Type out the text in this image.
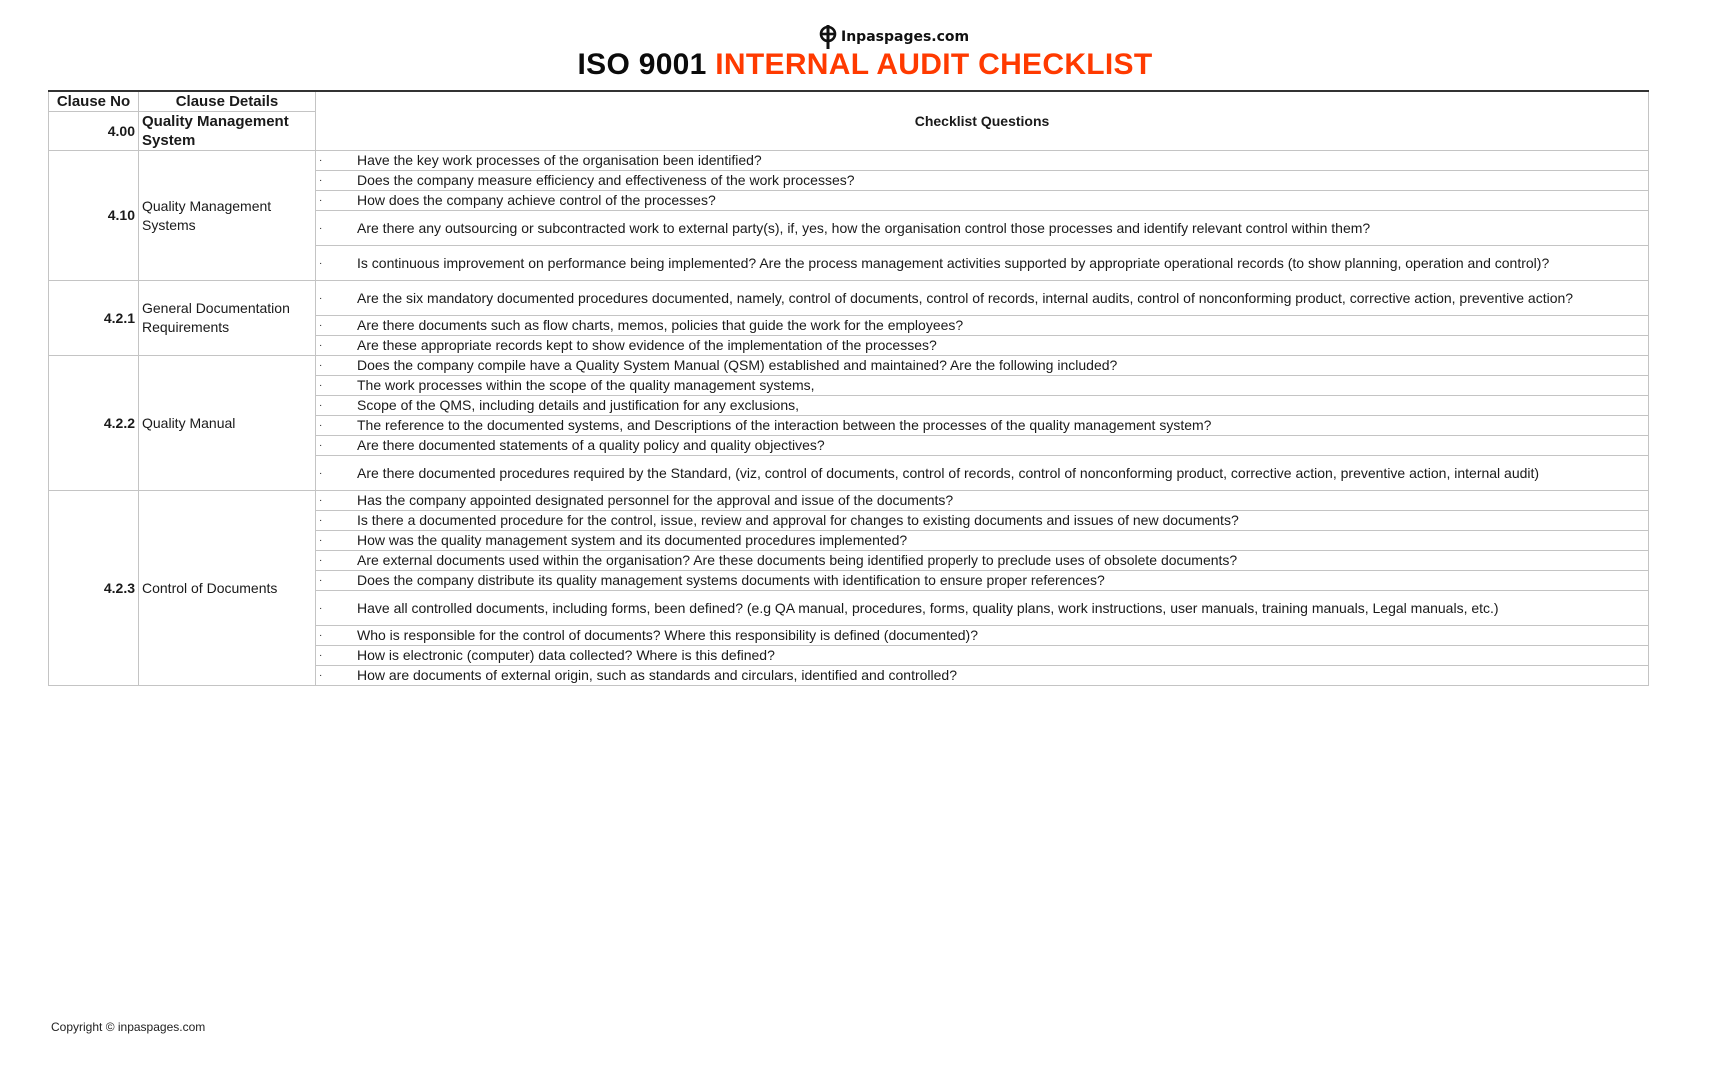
Inpaspages.com
ISO 9001 INTERNAL AUDIT CHECKLIST
Clause No	Clause Details	Checklist Questions
4.00	Quality Management System	
4.10	Quality Management Systems	· Have the key work processes of the organisation been identified?
		· Does the company measure efficiency and effectiveness of the work processes?
		· How does the company achieve control of the processes?
		· Are there any outsourcing or subcontracted work to external party(s), if, yes, how the organisation control those processes and identify relevant control within them?
		· Is continuous improvement on performance being implemented? Are the process management activities supported by appropriate operational records (to show planning, operation and control)?
4.2.1	General Documentation Requirements	· Are the six mandatory documented procedures documented, namely, control of documents, control of records, internal audits, control of nonconforming product, corrective action, preventive action?
		· Are there documents such as flow charts, memos, policies that guide the work for the employees?
		· Are these appropriate records kept to show evidence of the implementation of the processes?
4.2.2	Quality Manual	· Does the company compile have a Quality System Manual (QSM) established and maintained? Are the following included?
		· The work processes within the scope of the quality management systems,
		· Scope of the QMS, including details and justification for any exclusions,
		· The reference to the documented systems, and Descriptions of the interaction between the processes of the quality management system?
		· Are there documented statements of a quality policy and quality objectives?
		· Are there documented procedures required by the Standard, (viz, control of documents, control of records, control of nonconforming product, corrective action, preventive action, internal audit)
4.2.3	Control of Documents	· Has the company appointed designated personnel for the approval and issue of the documents?
		· Is there a documented procedure for the control, issue, review and approval for changes to existing documents and issues of new documents?
		· How was the quality management system and its documented procedures implemented?
		· Are external documents used within the organisation? Are these documents being identified properly to preclude uses of obsolete documents?
		· Does the company distribute its quality management systems documents with identification to ensure proper references?
		· Have all controlled documents, including forms, been defined? (e.g QA manual, procedures, forms, quality plans, work instructions, user manuals, training manuals, Legal manuals, etc.)
		· Who is responsible for the control of documents? Where this responsibility is defined (documented)?
		· How is electronic (computer) data collected? Where is this defined?
		· How are documents of external origin, such as standards and circulars, identified and controlled?
Copyright © inpaspages.com
